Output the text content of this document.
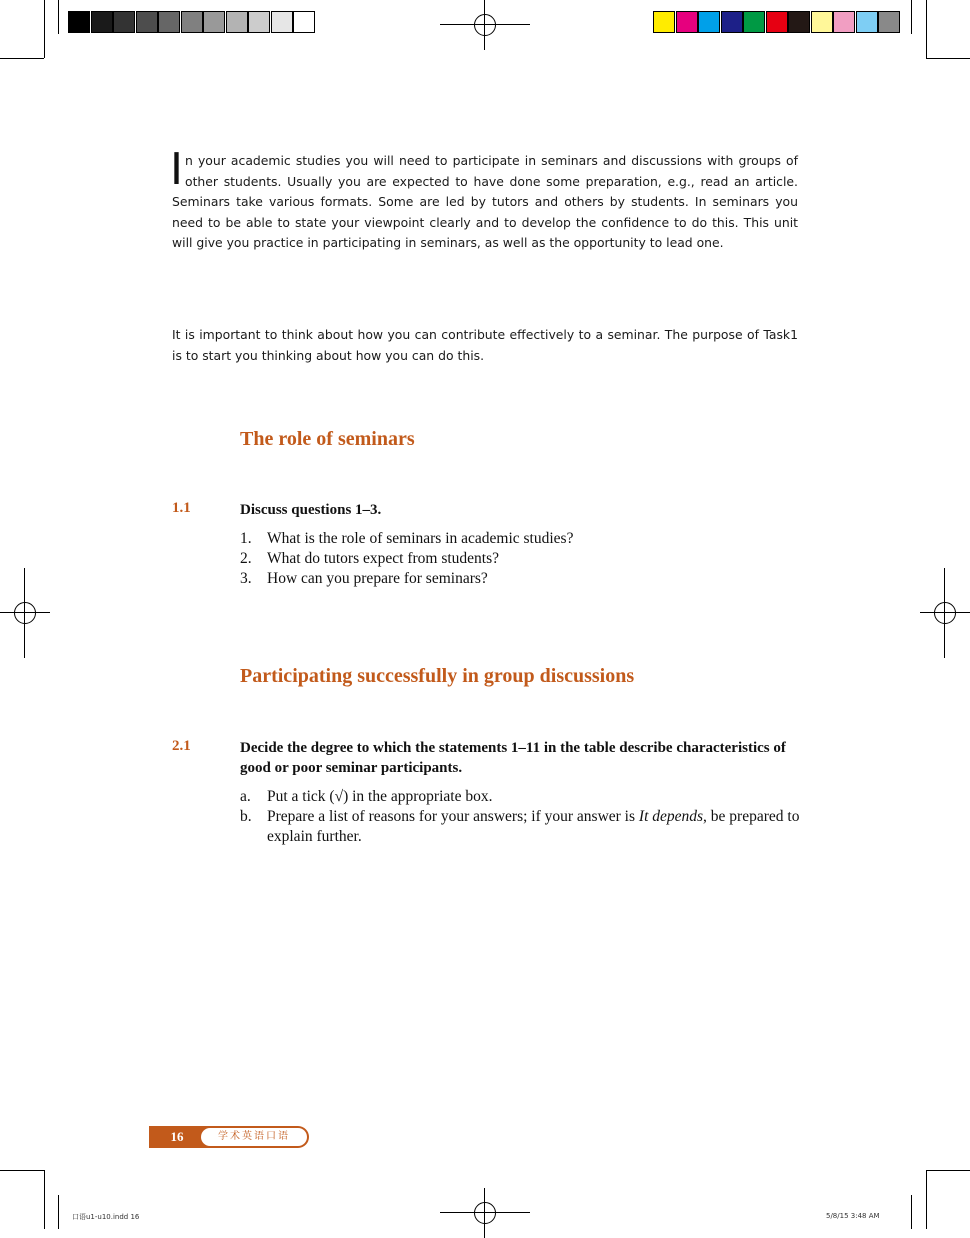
In your academic studies you will need to participate in seminars and discussions with groups of other students. Usually you are expected to have done some preparation, e.g., read an article. Seminars take various formats. Some are led by tutors and others by students. In seminars you need to be able to state your viewpoint clearly and to develop the confidence to do this. This unit will give you practice in participating in seminars, as well as the opportunity to lead one.
It is important to think about how you can contribute effectively to a seminar. The purpose of Task1 is to start you thinking about how you can do this.
The role of seminars
1.1	Discuss questions 1–3.
1. What is the role of seminars in academic studies?
2. What do tutors expect from students?
3. How can you prepare for seminars?
Participating successfully in group discussions
2.1	Decide the degree to which the statements 1–11 in the table describe characteristics of good or poor seminar participants.
a. Put a tick (√) in the appropriate box.
b. Prepare a list of reasons for your answers; if your answer is It depends, be prepared to explain further.
16	学术英语口语
口语u1-u10.indd 16	5/8/15 3:48 AM
